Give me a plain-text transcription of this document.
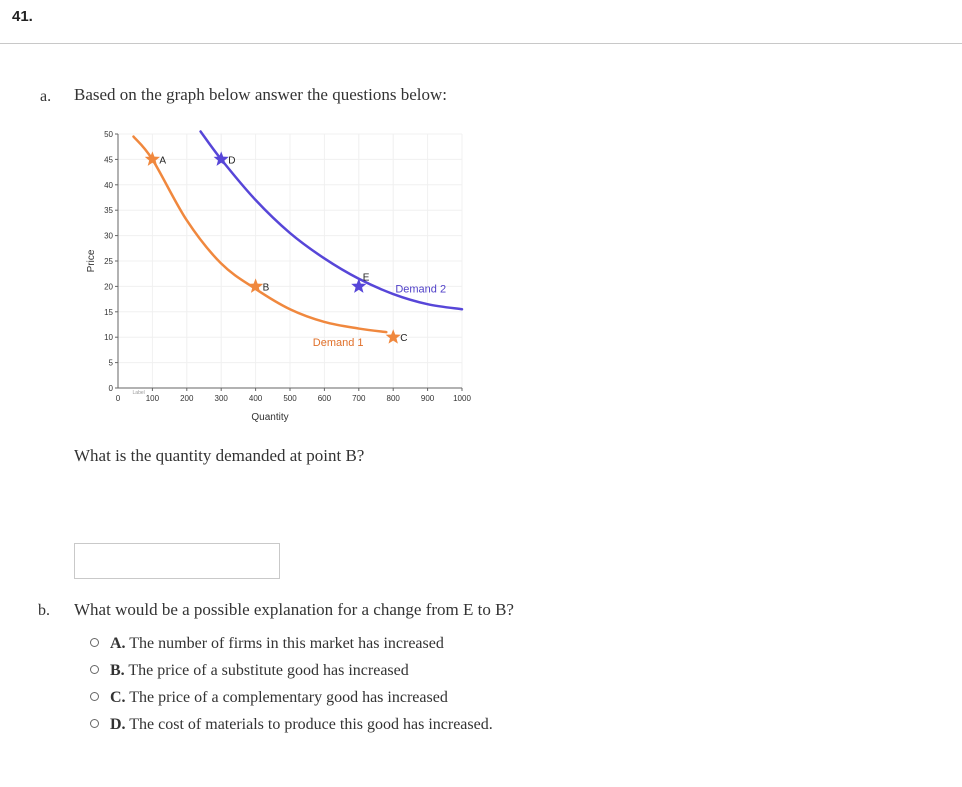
41.
a. Based on the graph below answer the questions below:
0
5
10
15
20
25
30
35
40
45
50
100	200	300	400	500	600	700	800	900 1000
0
Label
Quantity
Price
A
B
C
D
E
Demand 1
Demand 2
What is the quantity demanded at point B?
b. What would be a possible explanation for a change from E to B?
A. The number of firms in this market has increased
B. The price of a substitute good has increased
C. The price of a complementary good has increased
D. The cost of materials to produce this good has increased.
